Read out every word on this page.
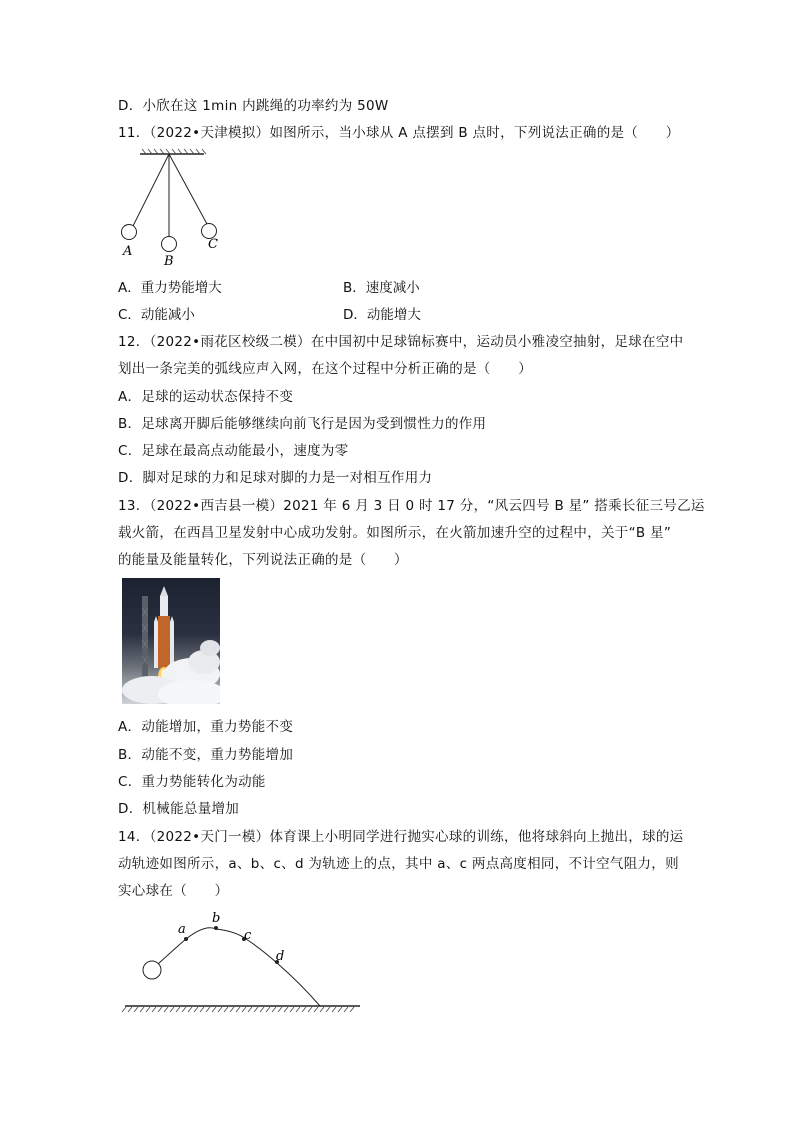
D．小欣在这 1min 内跳绳的功率约为 50W
11．（2022•天津模拟）如图所示，当小球从 A 点摆到 B 点时，下列说法正确的是（　　）
A
B
C
A．重力势能增大	B．速度减小
C．动能减小	D．动能增大
12．（2022•雨花区校级二模）在中国初中足球锦标赛中，运动员小雅凌空抽射，足球在空中
划出一条完美的弧线应声入网，在这个过程中分析正确的是（　　）
A．足球的运动状态保持不变
B．足球离开脚后能够继续向前飞行是因为受到惯性力的作用
C．足球在最高点动能最小，速度为零
D．脚对足球的力和足球对脚的力是一对相互作用力
13．（2022•西吉县一模）2021 年 6 月 3 日 0 时 17 分，“风云四号 B 星” 搭乘长征三号乙运
载火箭，在西昌卫星发射中心成功发射。如图所示，在火箭加速升空的过程中，关于“B 星”
的能量及能量转化，下列说法正确的是（　　）
A．动能增加，重力势能不变
B．动能不变，重力势能增加
C．重力势能转化为动能
D．机械能总量增加
14．（2022•天门一模）体育课上小明同学进行抛实心球的训练，他将球斜向上抛出，球的运
动轨迹如图所示，a、b、c、d 为轨迹上的点，其中 a、c 两点高度相同，不计空气阻力，则
实心球在（　　）
a
b
c
d
